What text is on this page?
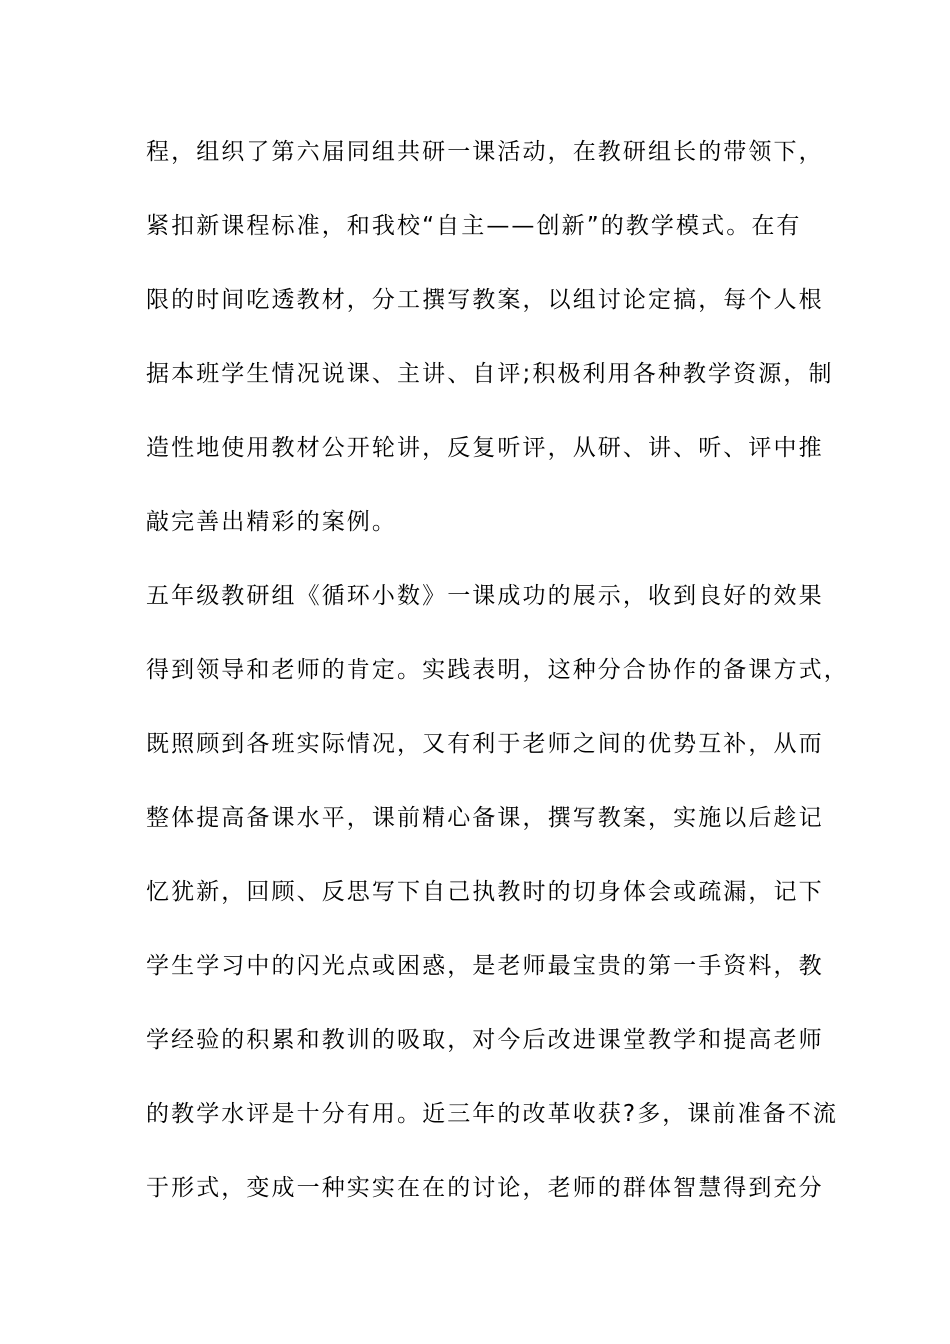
程，组织了第六届同组共研一课活动，在教研组长的带领下，
紧扣新课程标准，和我校“自主——创新”的教学模式。在有
限的时间吃透教材，分工撰写教案，以组讨论定搞，每个人根
据本班学生情况说课、主讲、自评;积极利用各种教学资源，制
造性地使用教材公开轮讲，反复听评，从研、讲、听、评中推
敲完善出精彩的案例。
五年级教研组《循环小数》一课成功的展示，收到良好的效果
得到领导和老师的肯定。实践表明，这种分合协作的备课方式，
既照顾到各班实际情况，又有利于老师之间的优势互补，从而
整体提高备课水平，课前精心备课，撰写教案，实施以后趁记
忆犹新，回顾、反思写下自己执教时的切身体会或疏漏，记下
学生学习中的闪光点或困惑，是老师最宝贵的第一手资料，教
学经验的积累和教训的吸取，对今后改进课堂教学和提高老师
的教学水评是十分有用。近三年的改革收获?多，课前准备不流
于形式，变成一种实实在在的讨论，老师的群体智慧得到充分
